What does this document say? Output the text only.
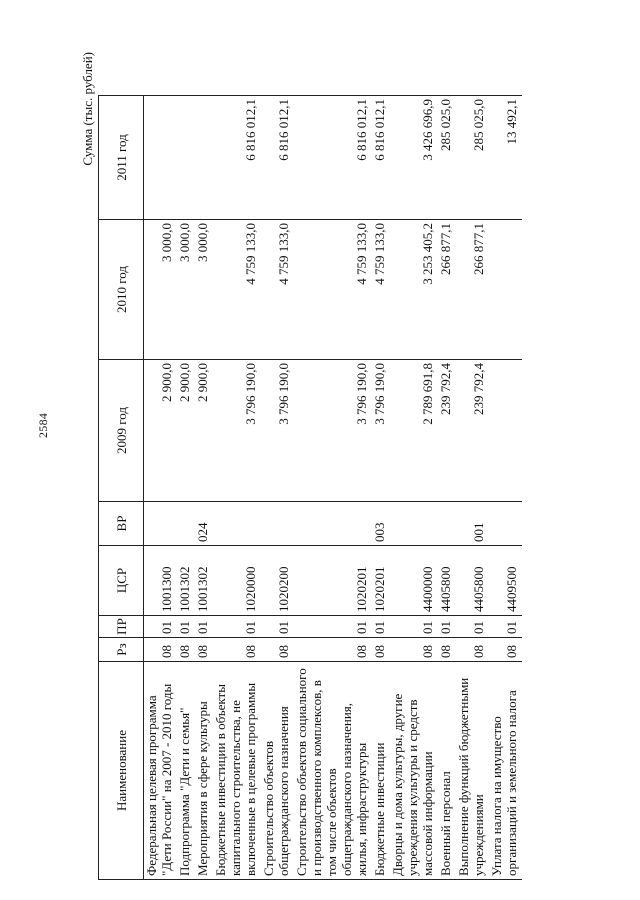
2584
Сумма (тыс. рублей)
Наименование	Рз	ПР	ЦСР	ВР	2009 год	2010 год	2011 год
Федеральная целевая программа "Дети России" на 2007 - 2010 годы	08	01	1001300		2 900,0	3 000,0	
Подпрограмма "Дети и семья"	08	01	1001302		2 900,0	3 000,0	
Мероприятия в сфере культуры	08	01	1001302	024	2 900,0	3 000,0	
Бюджетные инвестиции в объекты капитального строительства, не включенные в целевые программы	08	01	1020000		3 796 190,0	4 759 133,0	6 816 012,1
Строительство объектов общегражданского назначения	08	01	1020200		3 796 190,0	4 759 133,0	6 816 012,1
Строительство объектов социального и производственного комплексов, в том числе объектов общегражданского назначения, жилья, инфраструктуры	08	01	1020201		3 796 190,0	4 759 133,0	6 816 012,1
Бюджетные инвестиции	08	01	1020201	003	3 796 190,0	4 759 133,0	6 816 012,1
Дворцы и дома культуры, другие учреждения культуры и средств массовой информации	08	01	4400000		2 789 691,8	3 253 405,2	3 426 696,9
Военный персонал	08	01	4405800		239 792,4	266 877,1	285 025,0
Выполнение функций бюджетными учреждениями	08	01	4405800	001	239 792,4	266 877,1	285 025,0
Уплата налога на имущество организаций и земельного налога	08	01	4409500				13 492,1
